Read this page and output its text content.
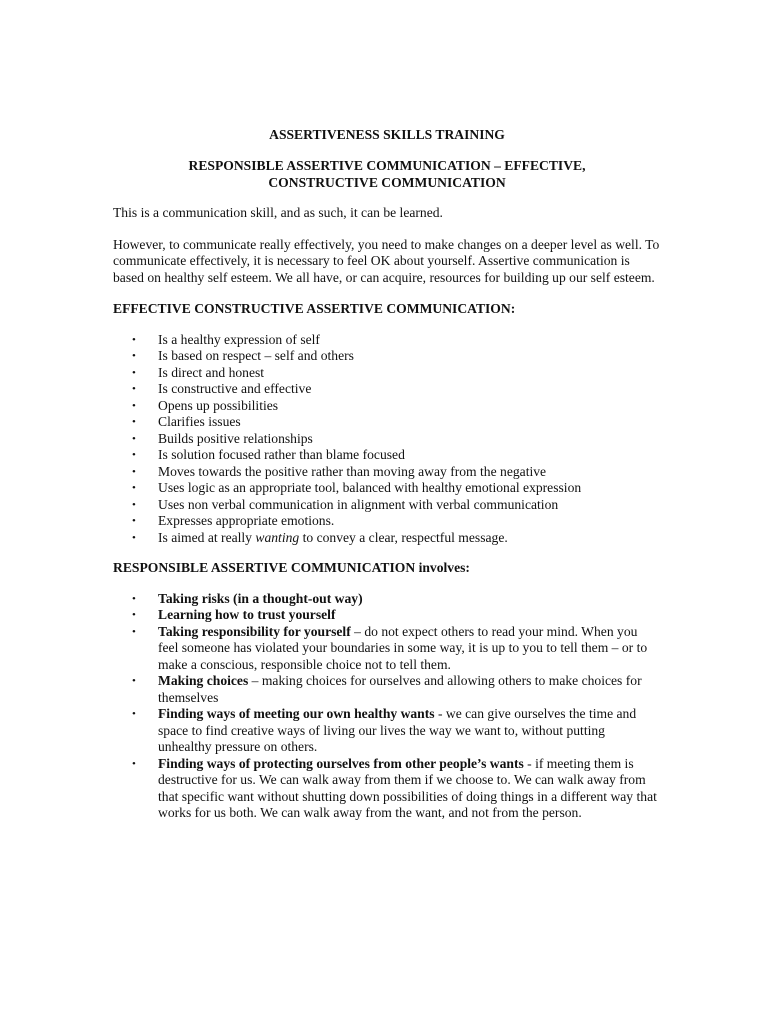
ASSERTIVENESS SKILLS TRAINING
RESPONSIBLE ASSERTIVE COMMUNICATION – EFFECTIVE,
CONSTRUCTIVE COMMUNICATION

This is a communication skill, and as such, it can be learned.

However, to communicate really effectively, you need to make changes on a deeper level as well. To communicate effectively, it is necessary to feel OK about yourself. Assertive communication is based on healthy self esteem. We all have, or can acquire, resources for building up our self esteem.

EFFECTIVE CONSTRUCTIVE ASSERTIVE COMMUNICATION:
• Is a healthy expression of self
• Is based on respect – self and others
• Is direct and honest
• Is constructive and effective
• Opens up possibilities
• Clarifies issues
• Builds positive relationships
• Is solution focused rather than blame focused
• Moves towards the positive rather than moving away from the negative
• Uses logic as an appropriate tool, balanced with healthy emotional expression
• Uses non verbal communication in alignment with verbal communication
• Expresses appropriate emotions.
• Is aimed at really wanting to convey a clear, respectful message.
RESPONSIBLE ASSERTIVE COMMUNICATION involves:
• Taking risks (in a thought-out way)
• Learning how to trust yourself
• Taking responsibility for yourself – do not expect others to read your mind. When you feel someone has violated your boundaries in some way, it is up to you to tell them – or to make a conscious, responsible choice not to tell them.
• Making choices – making choices for ourselves and allowing others to make choices for themselves
• Finding ways of meeting our own healthy wants - we can give ourselves the time and space to find creative ways of living our lives the way we want to, without putting unhealthy pressure on others.
• Finding ways of protecting ourselves from other people’s wants - if meeting them is destructive for us. We can walk away from them if we choose to. We can walk away from that specific want without shutting down possibilities of doing things in a different way that works for us both. We can walk away from the want, and not from the person.
